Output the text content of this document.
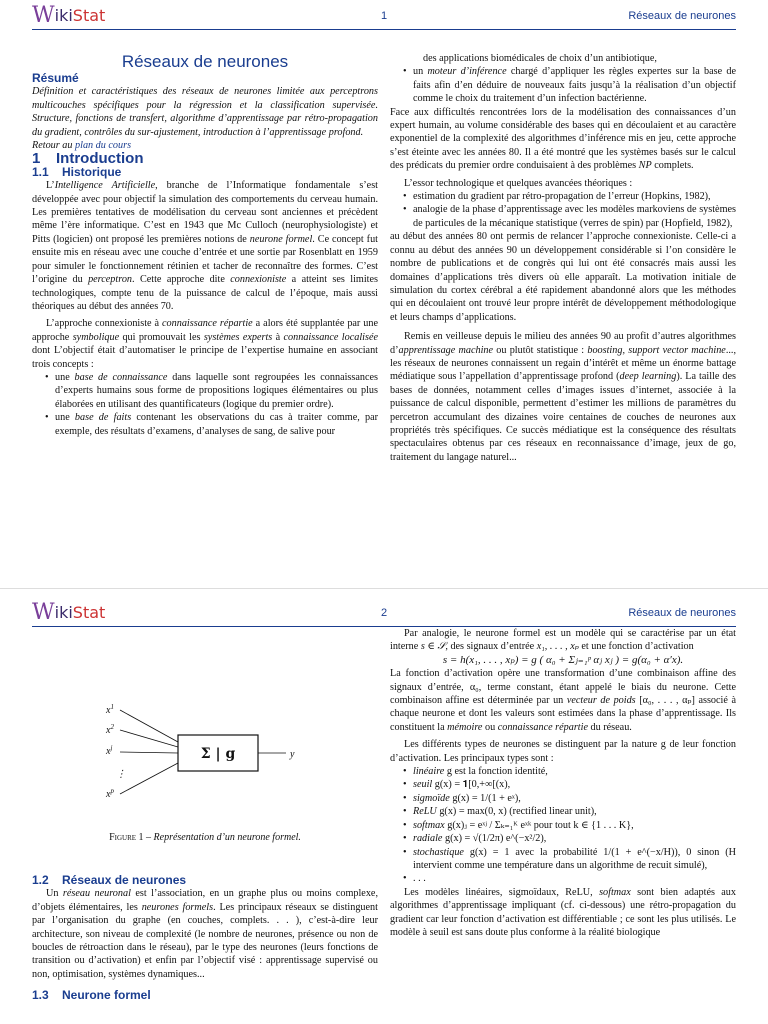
WikiStat	1	Réseaux de neurones

Réseaux de neurones

Résumé

Définition et caractéristiques des réseaux de neurones limitée aux perceptrons multicouches spécifiques pour la régression et la classification supervisée. Structure, fonctions de transfert, algorithme d’apprentissage par rétro-propagation du gradient, contrôles du sur-ajustement, introduction à l’apprentissage profond.

Retour au plan du cours

1 Introduction

1.1 Historique

L’Intelligence Artificielle, branche de l’Informatique fondamentale s’est développée avec pour objectif la simulation des comportements du cerveau humain. Les premières tentatives de modélisation du cerveau sont anciennes et précèdent même l’ère informatique. C’est en 1943 que Mc Culloch (neurophysiologiste) et Pitts (logicien) ont proposé les premières notions de neurone formel. Ce concept fut ensuite mis en réseau avec une couche d’entrée et une sortie par Rosenblatt en 1959 pour simuler le fonctionnement rétinien et tacher de reconnaître des formes. C’est l’origine du perceptron. Cette approche dite connexioniste a atteint ses limites technologiques, compte tenu de la puissance de calcul de l’époque, mais aussi théoriques au début des années 70.

L’approche connexioniste à connaissance répartie a alors été supplantée par une approche symbolique qui promouvait les systèmes experts à connaissance localisée dont L’objectif était d’automatiser le principe de l’expertise humaine en associant trois concepts :

• une base de connaissance dans laquelle sont regroupées les connaissances d’experts humains sous forme de propositions logiques élémentaires ou plus élaborées en utilisant des quantificateurs (logique du premier ordre).
• une base de faits contenant les observations du cas à traiter comme, par exemple, des résultats d’examens, d’analyses de sang, de salive pour

des applications biomédicales de choix d’un antibiotique,

• un moteur d’inférence chargé d’appliquer les règles expertes sur la base de faits afin d’en déduire de nouveaux faits jusqu’à la réalisation d’un objectif comme le choix du traitement d’un infection bactérienne.

Face aux difficultés rencontrées lors de la modélisation des connaissances d’un expert humain, au volume considérable des bases qui en découlaient et au caractère exponentiel de la complexité des algorithmes d’inférence mis en jeu, cette approche s’est éteinte avec les années 80. Il a été montré que les systèmes basés sur le calcul des prédicats du premier ordre conduisaient à des problèmes NP complets.

L’essor technologique et quelques avancées théoriques :

• estimation du gradient par rétro-propagation de l’erreur (Hopkins, 1982),
• analogie de la phase d’apprentissage avec les modèles markoviens de systèmes de particules de la mécanique statistique (verres de spin) par (Hopfield, 1982),

au début des années 80 ont permis de relancer l’approche connexioniste. Celle-ci a connu au début des années 90 un développement considérable si l’on considère le nombre de publications et de congrès qui lui ont été consacrés mais aussi les domaines d’applications très divers où elle apparaît. La motivation initiale de simulation du cortex cérébral a été rapidement abandonné alors que les méthodes qui en découlaient ont trouvé leur propre intérêt de développement méthodologique et leurs champs d’applications.

Remis en veilleuse depuis le milieu des années 90 au profit d’autres algorithmes d’apprentissage machine ou plutôt statistique : boosting, support vector machine..., les réseaux de neurones connaissent un regain d’intérêt et même un énorme battage médiatique sous l’appellation d’apprentissage profond (deep learning). La taille des bases de données, notamment celles d’images issues d’internet, associée à la puissance de calcul disponible, permettent d’estimer les millions de paramètres du percetron accumulant des dizaines voire centaines de couches de neurones aux propriétés très spécifiques. Ce succès médiatique est la conséquence des résultats spectaculaires obtenus par ces réseaux en reconnaissance d’image, jeux de go, traitement du langage naturel...

WikiStat	2	Réseaux de neurones
$x^1$
$x^2$
$x^j$
⋮
$x^p$
y
Σ | g

Figure 1 – Représentation d’un neurone formel.

1.2 Réseaux de neurones

Un réseau neuronal est l’association, en un graphe plus ou moins complexe, d’objets élémentaires, les neurones formels. Les principaux réseaux se distinguent par l’organisation du graphe (en couches, complets. . . ), c’est-à-dire leur architecture, son niveau de complexité (le nombre de neurones, présence ou non de boucles de rétroaction dans le réseau), par le type des neurones (leurs fonctions de transition ou d’activation) et enfin par l’objectif visé : apprentissage supervisé ou non, optimisation, systèmes dynamiques...

1.3 Neurone formel

Par analogie, le neurone formel est un modèle qui se caractérise par un état interne s ∈ 𝒮, des signaux d’entrée x₁, . . . , xₚ et une fonction d’activation

s = h(x₁, . . . , xₚ) = g ( α₀ + Σⱼ₌₁ᵖ αⱼ xⱼ ) = g(α₀ + α′x).

La fonction d’activation opère une transformation d’une combinaison affine des signaux d’entrée, α₀, terme constant, étant appelé le biais du neurone. Cette combinaison affine est déterminée par un vecteur de poids [α₀, . . . , αₚ] associé à chaque neurone et dont les valeurs sont estimées dans la phase d’apprentissage. Ils constituent la mémoire ou connaissance répartie du réseau.

Les différents types de neurones se distinguent par la nature g de leur fonction d’activation. Les principaux types sont :

• linéaire g est la fonction identité,
• seuil g(x) = 𝟏[0,+∞[(x),
• sigmoïde g(x) = 1/(1 + eˣ),
• ReLU g(x) = max(0, x) (rectified linear unit),
• softmax g(x)ⱼ = eˣʲ / Σₖ₌₁ᴷ eˣᵏ pour tout k ∈ {1 . . . K},
• radiale g(x) = √(1/2π) e^(−x²/2),
• stochastique g(x) = 1 avec la probabilité 1/(1 + e^(−x/H)), 0 sinon (H intervient comme une température dans un algorithme de recuit simulé),
• . . .

Les modèles linéaires, sigmoïdaux, ReLU, softmax sont bien adaptés aux algorithmes d’apprentissage impliquant (cf. ci-dessous) une rétro-propagation du gradient car leur fonction d’activation est différentiable ; ce sont les plus utilisés. Le modèle à seuil est sans doute plus conforme à la réalité biologique
